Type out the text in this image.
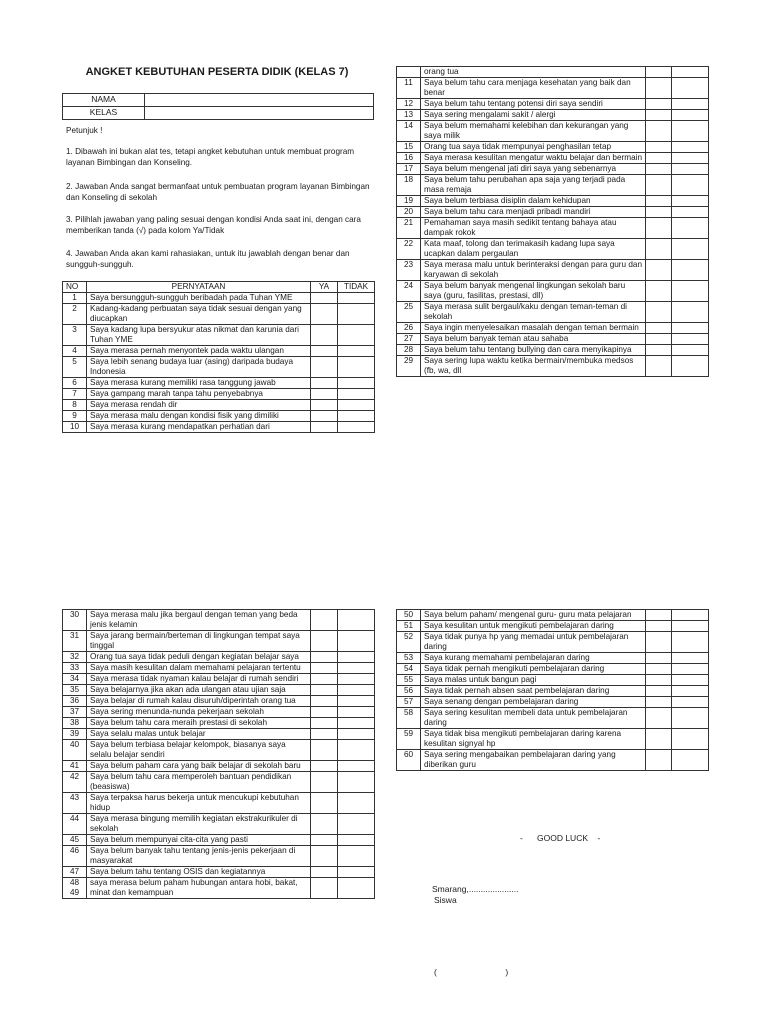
ANGKET KEBUTUHAN PESERTA DIDIK (KELAS 7)
NAMA	
KELAS	
Petunjuk !
1. Dibawah ini bukan alat tes, tetapi angket kebutuhan untuk membuat program layanan Bimbingan dan Konseling.
2. Jawaban Anda sangat bermanfaat untuk pembuatan program layanan Bimbingan dan Konseling di sekolah
3. Pilihlah jawaban yang paling sesuai dengan kondisi Anda saat ini, dengan cara memberikan tanda (√) pada kolom Ya/Tidak
4. Jawaban Anda akan kami rahasiakan, untuk itu jawablah dengan benar dan sungguh-sungguh.
NO	PERNYATAAN	YA	TIDAK
1	Saya bersungguh-sungguh beribadah pada Tuhan YME		
2	Kadang-kadang perbuatan saya tidak sesuai dengan yang diucapkan		
3	Saya kadang lupa bersyukur atas nikmat dan karunia dari Tuhan YME		
4	Saya merasa pernah menyontek pada waktu ulangan		
5	Saya lebih senang budaya luar (asing) daripada budaya Indonesia		
6	Saya merasa kurang memiliki rasa tanggung jawab		
7	Saya gampang marah tanpa tahu penyebabnya		
8	Saya merasa rendah dir		
9	Saya merasa malu dengan kondisi fisik yang dimiliki		
10	Saya merasa kurang mendapatkan perhatian dari		
	orang tua		
11	Saya belum tahu cara menjaga kesehatan yang baik dan benar		
12	Saya belum tahu tentang potensi diri saya sendiri		
13	Saya sering mengalami sakit / alergi		
14	Saya belum memahami kelebihan dan kekurangan yang saya milik		
15	Orang tua saya tidak mempunyai penghasilan tetap		
16	Saya merasa kesulitan mengatur waktu belajar dan bermain		
17	Saya belum mengenal jati diri saya yang sebenarnya		
18	Saya belum tahu perubahan apa saja yang terjadi pada masa remaja		
19	Saya belum terbiasa disiplin dalam kehidupan		
20	Saya belum tahu cara menjadi pribadi mandiri		
21	Pemahaman saya masih sedikit tentang bahaya atau dampak rokok		
22	Kata maaf, tolong dan terimakasih kadang lupa saya ucapkan dalam pergaulan		
23	Saya merasa malu untuk berinteraksi dengan para guru dan karyawan di sekolah		
24	Saya belum banyak mengenal lingkungan sekolah baru saya (guru, fasilitas, prestasi, dll)		
25	Saya merasa sulit bergaul/kaku dengan teman-teman di sekolah		
26	Saya ingin menyelesaikan masalah dengan teman bermain		
27	Saya belum banyak teman atau sahaba		
28	Saya belum tahu tentang bullying dan cara menyikapinya		
29	Saya sering lupa waktu ketika bermain/membuka medsos (fb, wa, dll		
30	Saya merasa malu jika bergaul dengan teman yang beda jenis kelamin		
31	Saya jarang bermain/berteman di lingkungan tempat saya tinggal		
32	Orang tua saya tidak peduli dengan kegiatan belajar saya		
33	Saya masih kesulitan dalam memahami pelajaran tertentu		
34	Saya merasa tidak nyaman kalau belajar di rumah sendiri		
35	Saya belajarnya jika akan ada ulangan atau ujian saja		
36	Saya belajar di rumah kalau disuruh/diperintah orang tua		
37	Saya sering menunda-nunda pekerjaan sekolah		
38	Saya belum tahu cara meraih prestasi di sekolah		
39	Saya selalu malas untuk belajar		
40	Saya belum terbiasa belajar kelompok, biasanya saya selalu belajar sendiri		
41	Saya belum paham cara yang baik belajar di sekolah baru		
42	Saya belum tahu cara memperoleh bantuan pendidikan (beasiswa)		
43	Saya terpaksa harus bekerja untuk mencukupi kebutuhan hidup		
44	Saya merasa bingung memilih kegiatan ekstrakurikuler di sekolah		
45	Saya belum mempunyai cita-cita yang pasti		
46	Saya belum banyak tahu tentang jenis-jenis pekerjaan di masyarakat		
47	Saya belum tahu tentang OSIS dan kegiatannya		
48
49	saya merasa belum paham hubungan antara hobi, bakat, minat dan kemampuan		
50	Saya belum paham/ mengenal guru- guru mata pelajaran		
51	Saya kesulitan untuk mengikuti pembelajaran daring		
52	Saya tidak punya hp yang memadai untuk pembelajaran daring		
53	Saya kurang memahami pembelajaran daring		
54	Saya tidak pernah mengikuti pembelajaran daring		
55	Saya malas untuk bangun pagi		
56	Saya tidak pernah absen saat pembelajaran daring		
57	Saya senang dengan pembelajaran daring		
58	Saya sering kesulitan membeli data untuk pembelajaran daring		
59	Saya tidak bisa mengikuti pembelajaran daring karena kesulitan signyal hp		
60	Saya sering mengabaikan pembelajaran daring yang diberikan guru		
-      GOOD LUCK    -
Smarang,.....................
Siswa
(                             )
